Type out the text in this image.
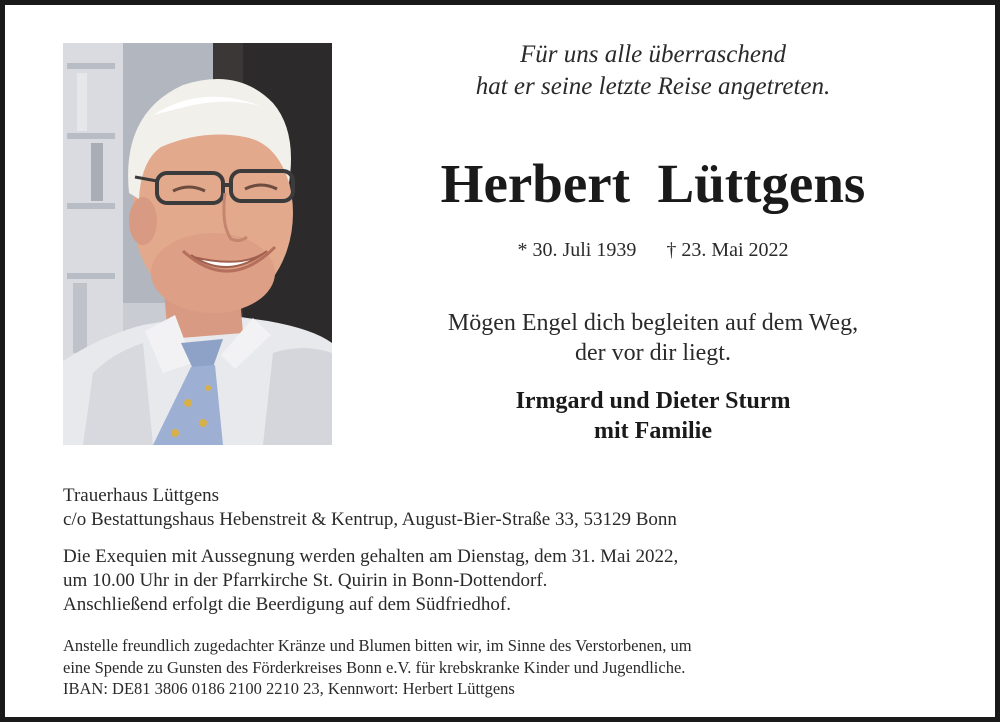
Für uns alle überraschend
hat er seine letzte Reise angetreten.
Herbert  Lüttgens
* 30. Juli 1939 † 23. Mai 2022
Mögen Engel dich begleiten auf dem Weg,
der vor dir liegt.
Irmgard und Dieter Sturm
mit Familie
Trauerhaus Lüttgens
c/o Bestattungshaus Hebenstreit & Kentrup, August-Bier-Straße 33, 53129 Bonn
Die Exequien mit Aussegnung werden gehalten am Dienstag, dem 31. Mai 2022,
um 10.00 Uhr in der Pfarrkirche St. Quirin in Bonn-Dottendorf.
Anschließend erfolgt die Beerdigung auf dem Südfriedhof.
Anstelle freundlich zugedachter Kränze und Blumen bitten wir, im Sinne des Verstorbenen, um
eine Spende zu Gunsten des Förderkreises Bonn e.V. für krebskranke Kinder und Jugendliche.
IBAN: DE81 3806 0186 2100 2210 23, Kennwort: Herbert Lüttgens
